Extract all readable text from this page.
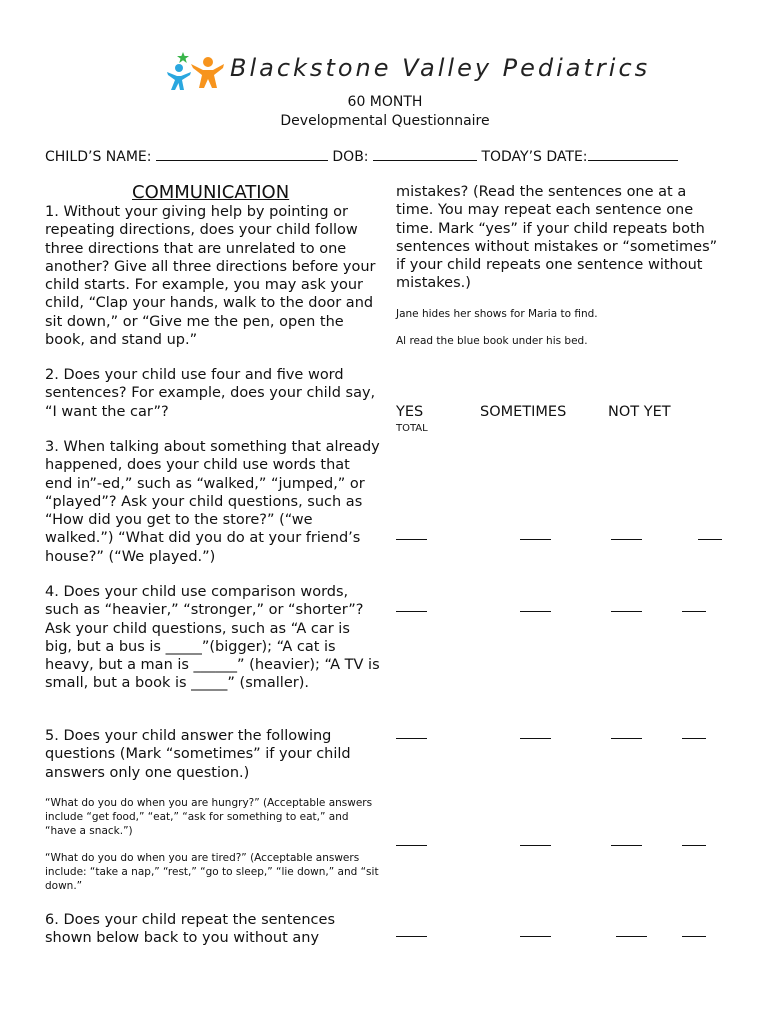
Blackstone Valley Pediatrics
60 MONTH
Developmental Questionnaire
CHILD’S NAME:	DOB:	TODAY’S DATE:
COMMUNICATION
1. Without your giving help by pointing or repeating directions, does your child follow three directions that are unrelated to one another? Give all three directions before your child starts. For example, you may ask your child, “Clap your hands, walk to the door and sit down,” or “Give me the pen, open the book, and stand up.”
2. Does your child use four and five word sentences? For example, does your child say, “I want the car”?
3. When talking about something that already happened, does your child use words that end in”-ed,” such as “walked,” “jumped,” or “played”? Ask your child questions, such as “How did you get to the store?” (“we walked.”) “What did you do at your friend’s house?” (“We played.”)
4. Does your child use comparison words, such as “heavier,” “stronger,” or “shorter”? Ask your child questions, such as “A car is big, but a bus is _____”(bigger); “A cat is heavy, but a man is ______” (heavier); “A TV is small, but a book is _____” (smaller).
5. Does your child answer the following questions (Mark “sometimes” if your child answers only one question.)
“What do you do when you are hungry?” (Acceptable answers include “get food,” “eat,” “ask for something to eat,” and “have a snack.”)
“What do you do when you are tired?” (Acceptable answers include: “take a nap,” “rest,” “go to sleep,” “lie down,” and “sit down.”
6. Does your child repeat the sentences shown below back to you without any
mistakes? (Read the sentences one at a time. You may repeat each sentence one time. Mark “yes” if your child repeats both sentences without mistakes or “sometimes” if your child repeats one sentence without mistakes.)
Jane hides her shows for Maria to find.
Al read the blue book under his bed.
YES	SOMETIMES	NOT YET
TOTAL
